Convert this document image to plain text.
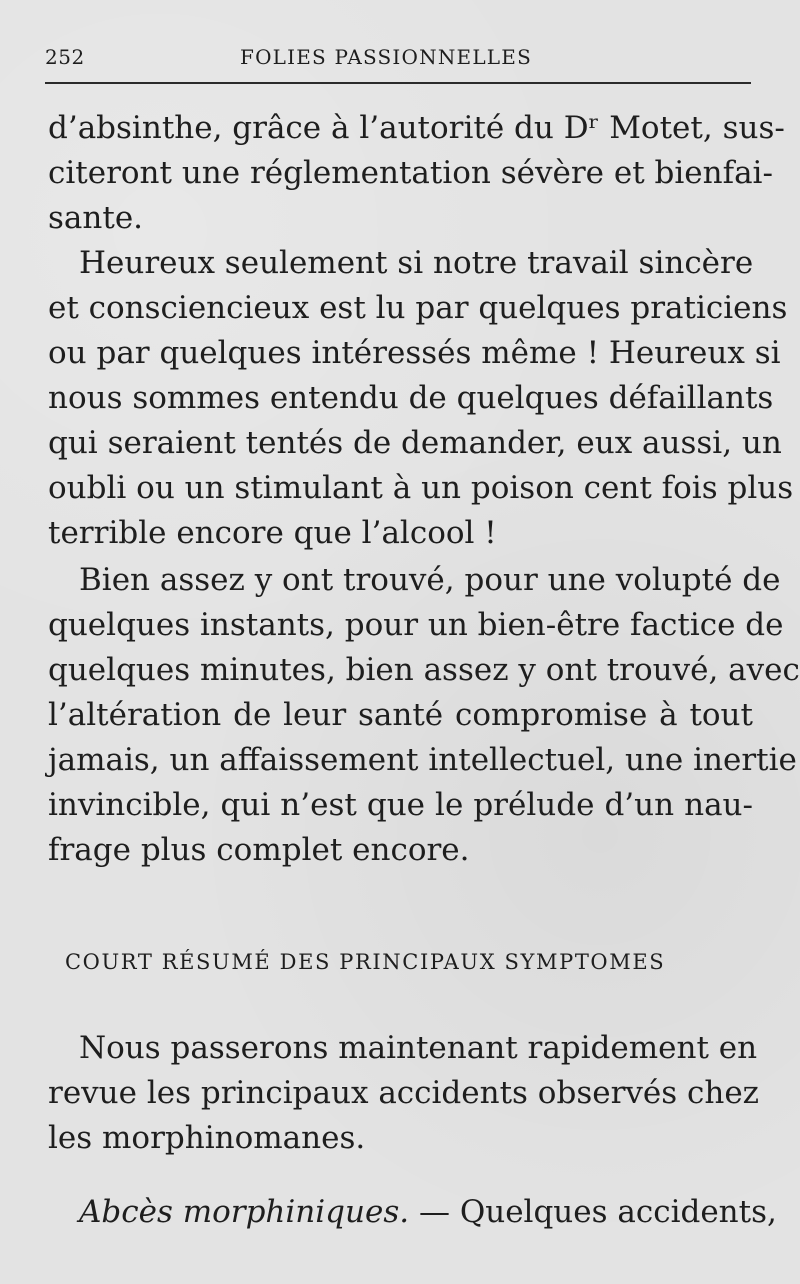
252	FOLIES PASSIONNELLES
d’absinthe, grâce à l’autorité du Dʳ Motet, sus-
citeront une réglementation sévère et bienfai-
sante.
Heureux seulement si notre travail sincère
et consciencieux est lu par quelques praticiens
ou par quelques intéressés même ! Heureux si
nous sommes entendu de quelques défaillants
qui seraient tentés de demander, eux aussi, un
oubli ou un stimulant à un poison cent fois plus
terrible encore que l’alcool !
Bien assez y ont trouvé, pour une volupté de
quelques instants, pour un bien-être factice de
quelques minutes, bien assez y ont trouvé, avec
l’altération de leur santé compromise à tout
jamais, un affaissement intellectuel, une inertie
invincible, qui n’est que le prélude d’un nau-
frage plus complet encore.
COURT RÉSUMÉ DES PRINCIPAUX SYMPTOMES
Nous passerons maintenant rapidement en
revue les principaux accidents observés chez
les morphinomanes.
Abcès morphiniques. — Quelques accidents,
